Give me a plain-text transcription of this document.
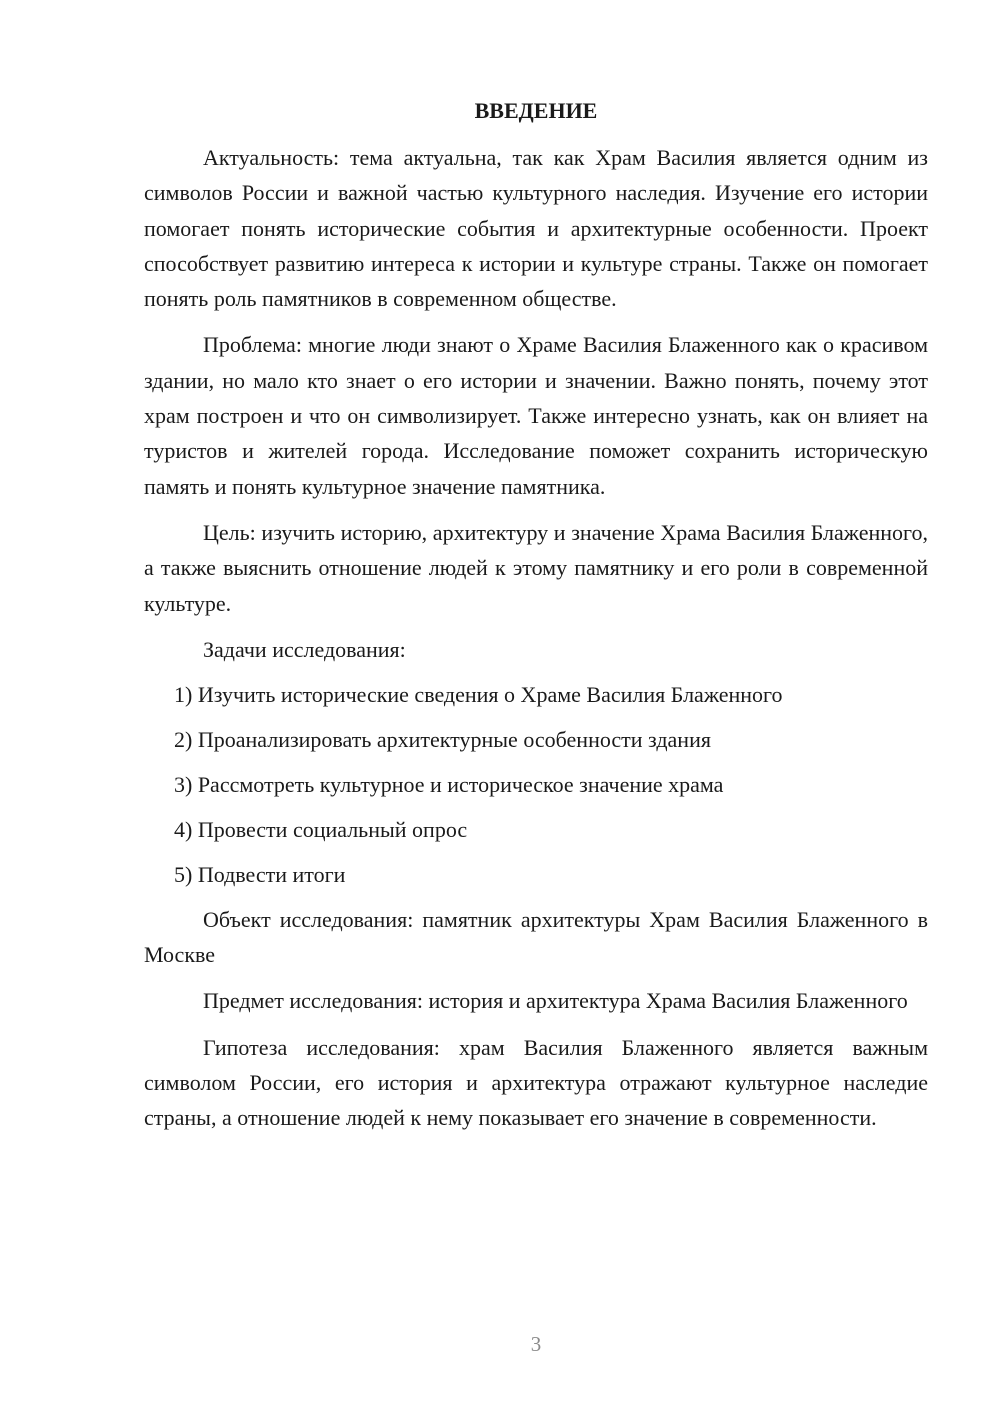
ВВЕДЕНИЕ

Актуальность: тема актуальна, так как Храм Василия является одним из символов России и важной частью культурного наследия. Изучение его истории помогает понять исторические события и архитектурные особенности. Проект способствует развитию интереса к истории и культуре страны. Также он помогает понять роль памятников в современном обществе.

Проблема: многие люди знают о Храме Василия Блаженного как о красивом здании, но мало кто знает о его истории и значении. Важно понять, почему этот храм построен и что он символизирует. Также интересно узнать, как он влияет на туристов и жителей города. Исследование поможет сохранить историческую память и понять культурное значение памятника.

Цель: изучить историю, архитектуру и значение Храма Василия Блаженного, а также выяснить отношение людей к этому памятнику и его роли в современной культуре.

Задачи исследования:

1) Изучить исторические сведения о Храме Василия Блаженного
2) Проанализировать архитектурные особенности здания
3) Рассмотреть культурное и историческое значение храма
4) Провести социальный опрос
5) Подвести итоги

Объект исследования: памятник архитектуры Храм Василия Блаженного в Москве

Предмет исследования: история и архитектура Храма Василия Блаженного

Гипотеза исследования: храм Василия Блаженного является важным символом России, его история и архитектура отражают культурное наследие страны, а отношение людей к нему показывает его значение в современности.

3
